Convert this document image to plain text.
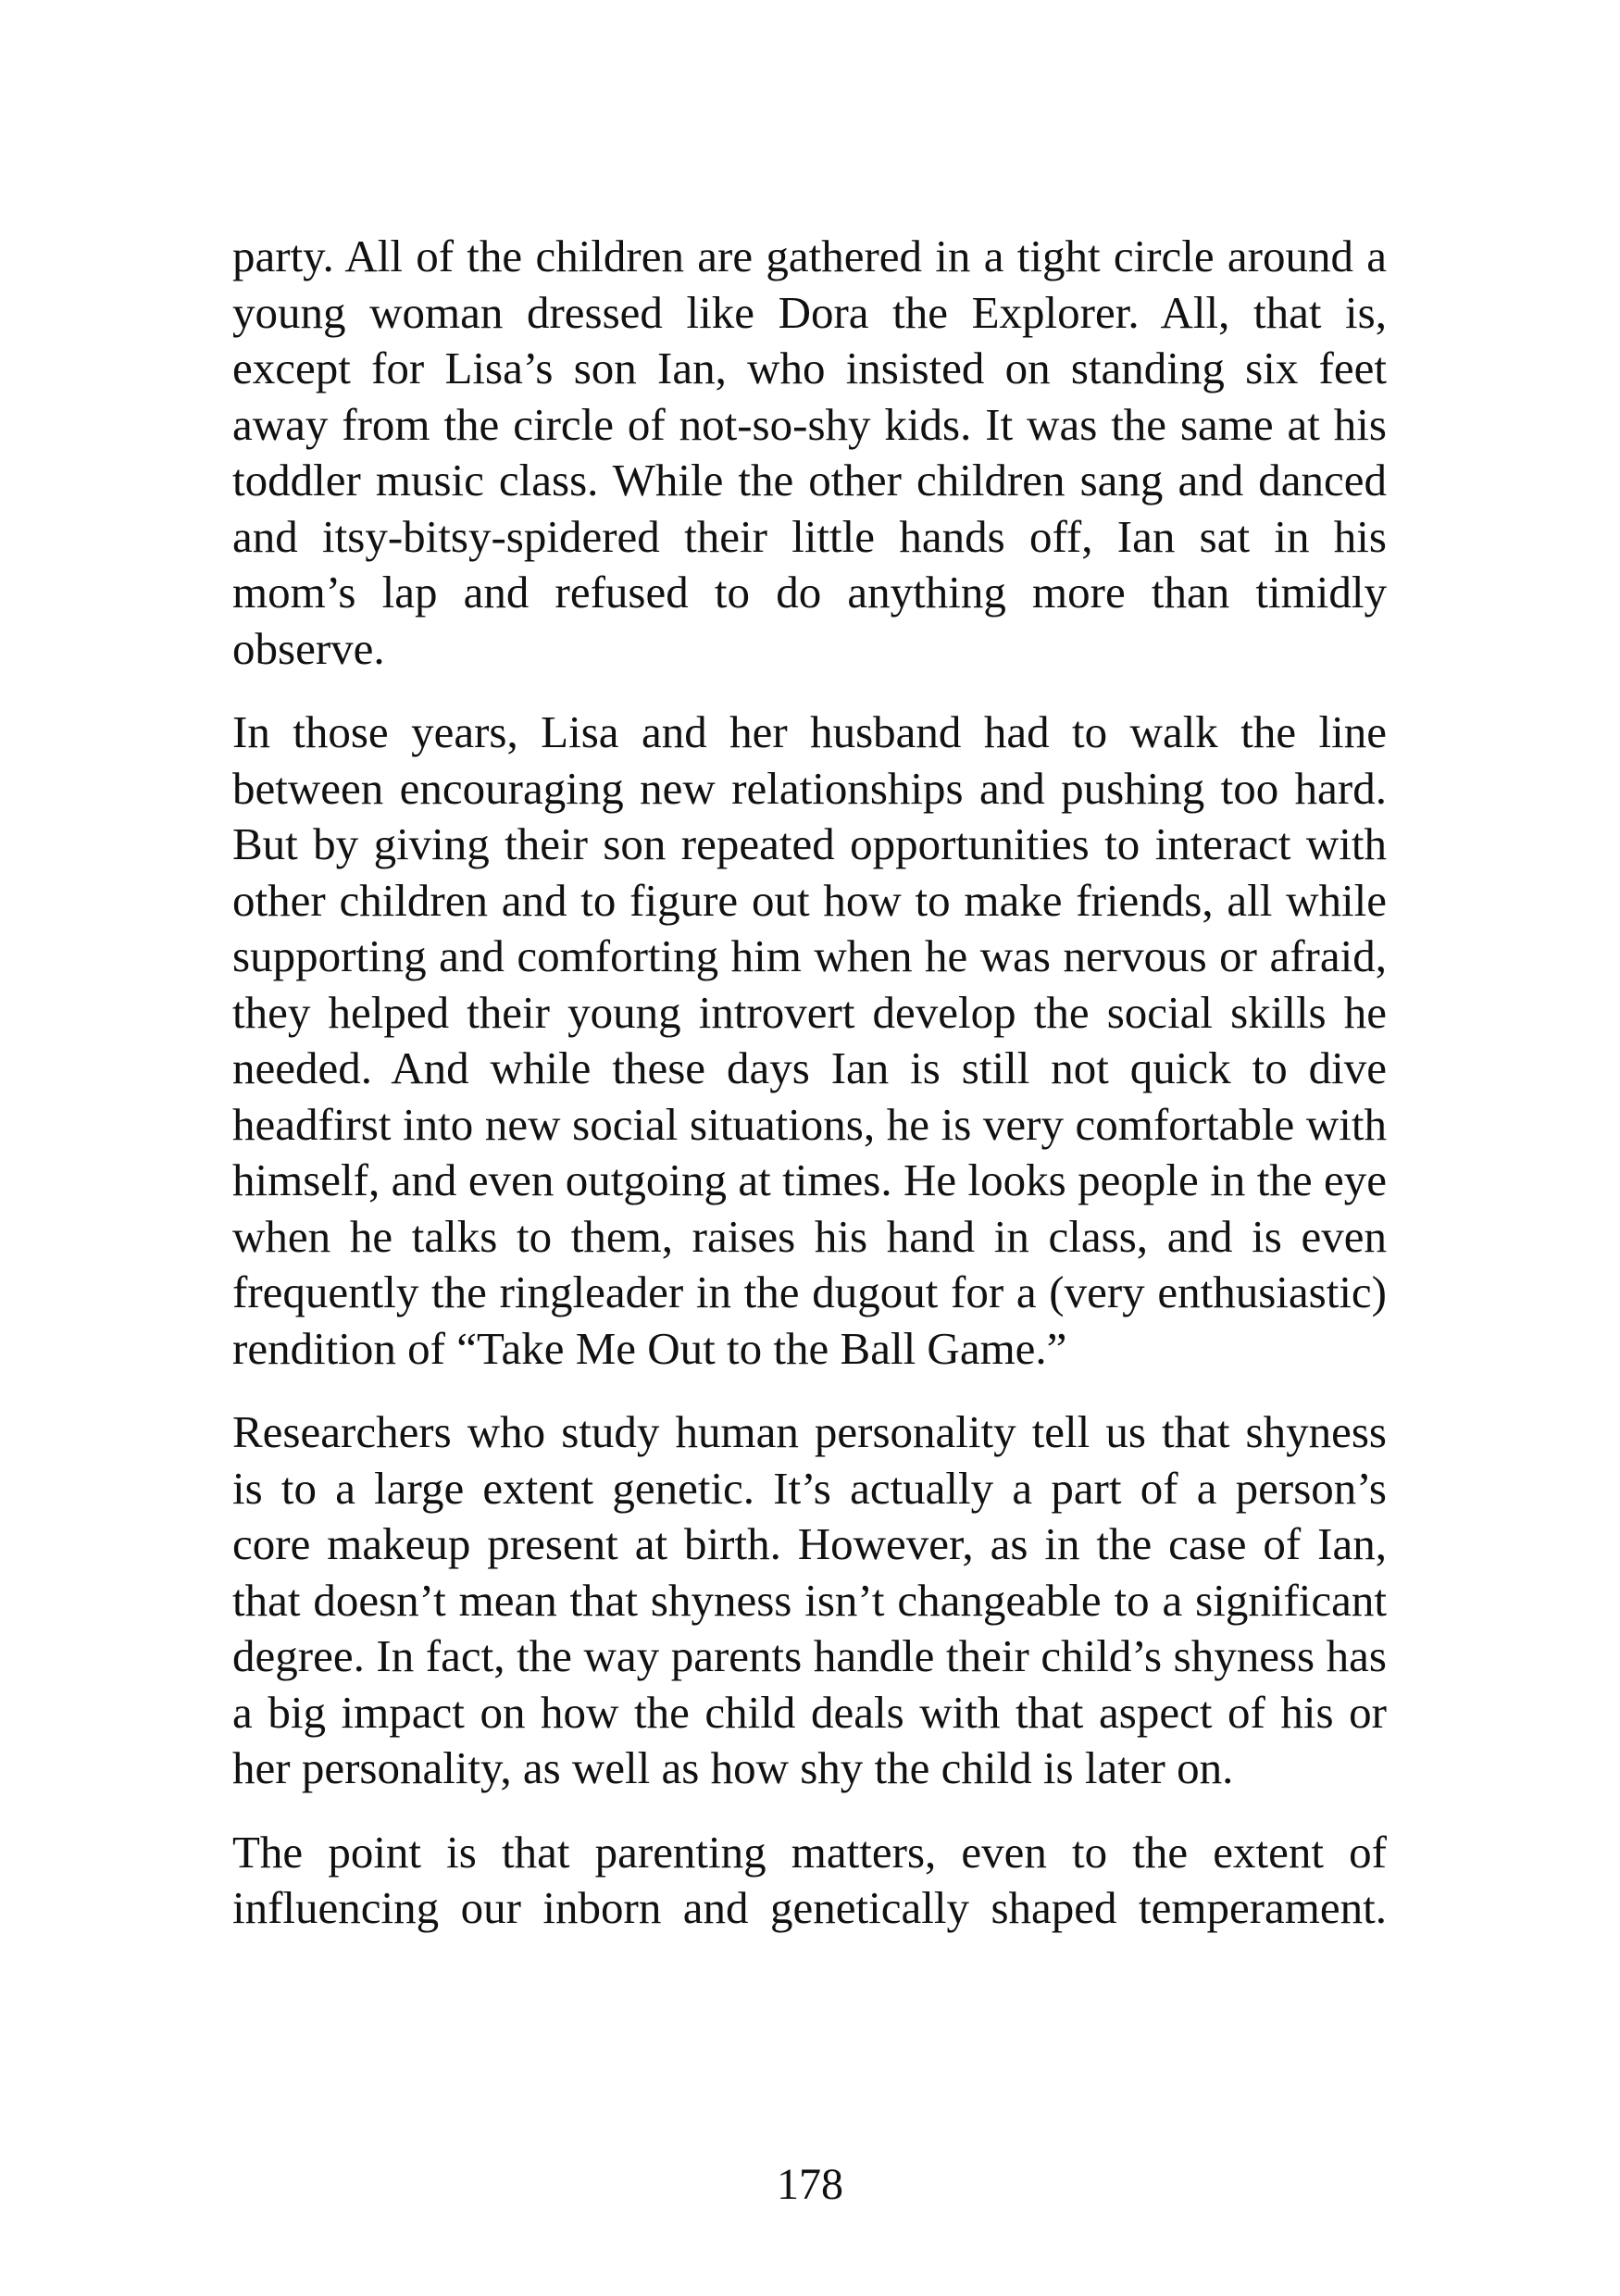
party. All of the children are gathered in a tight circle around a young woman dressed like Dora the Explorer. All, that is, except for Lisa’s son Ian, who insisted on standing six feet away from the circle of not-so-shy kids. It was the same at his toddler music class. While the other children sang and danced and itsy-bitsy-spidered their little hands off, Ian sat in his mom’s lap and refused to do anything more than timidly observe.

In those years, Lisa and her husband had to walk the line between encouraging new relationships and pushing too hard. But by giving their son repeated opportunities to interact with other children and to figure out how to make friends, all while supporting and comforting him when he was nervous or afraid, they helped their young introvert develop the social skills he needed. And while these days Ian is still not quick to dive headfirst into new social situations, he is very comfortable with himself, and even outgoing at times. He looks people in the eye when he talks to them, raises his hand in class, and is even frequently the ringleader in the dugout for a (very enthusiastic) rendition of “Take Me Out to the Ball Game.”

Researchers who study human personality tell us that shyness is to a large extent genetic. It’s actually a part of a person’s core makeup present at birth. However, as in the case of Ian, that doesn’t mean that shyness isn’t changeable to a significant degree. In fact, the way parents handle their child’s shyness has a big impact on how the child deals with that aspect of his or her personality, as well as how shy the child is later on.

The point is that parenting matters, even to the extent of influencing our inborn and genetically shaped temperament.

178
